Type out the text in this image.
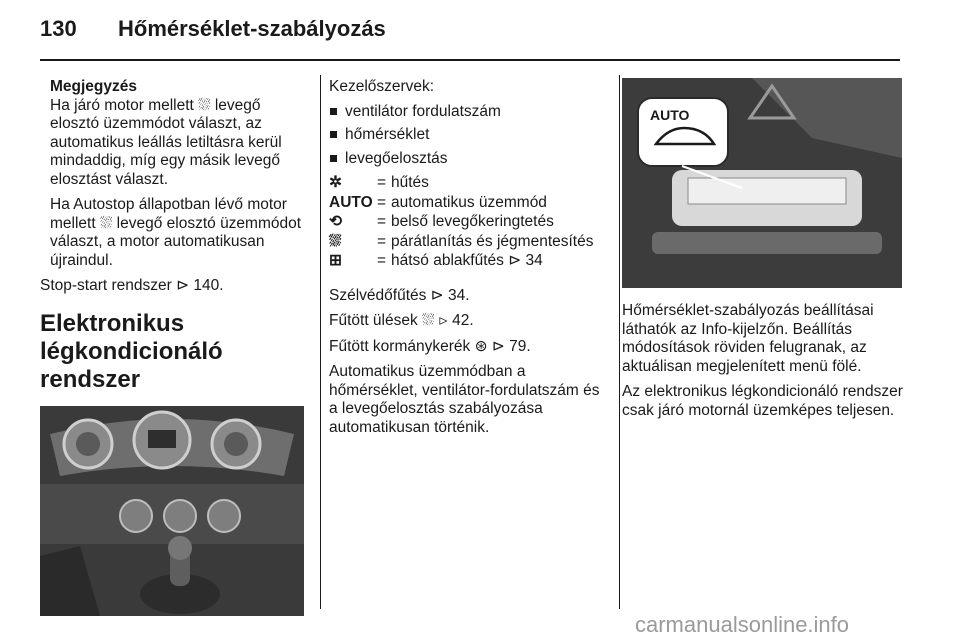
130 Hőmérséklet-szabályozás
Megjegyzés

Ha járó motor mellett ⛆ levegő elosztó üzemmódot választ, az automatikus leállás letiltásra kerül mindaddig, míg egy másik levegő elosztást választ.

Ha Autostop állapotban lévő motor mellett ⛆ levegő elosztó üzemmódot választ, a motor automatikusan újraindul.

Stop-start rendszer ⊳ 140.

Elektronikus légkondicionáló rendszer
Kezelőszervek:
ventilátor fordulatszám
hőmérséklet
levegőelosztás
✲	= hűtés
AUTO = automatikus üzemmód
⟲	= belső levegőkeringtetés
⛆	= párátlanítás és jégmentesítés
⊞	= hátsó ablakfűtés ⊳ 34

Szélvédőfűtés ⊳ 34.

Fűtött ülések ⛆ ⊳ 42.

Fűtött kormánykerék ⊛ ⊳ 79.

Automatikus üzemmódban a hőmérséklet, ventilátor-fordulatszám és a levegőelosztás szabályozása automatikusan történik.

AUTO

Hőmérséklet-szabályozás beállításai láthatók az Info-kijelzőn. Beállítás módosítások röviden felugranak, az aktuálisan megjelenített menü fölé.

Az elektronikus légkondicionáló rendszer csak járó motornál üzemképes teljesen.

carmanualsonline.info
